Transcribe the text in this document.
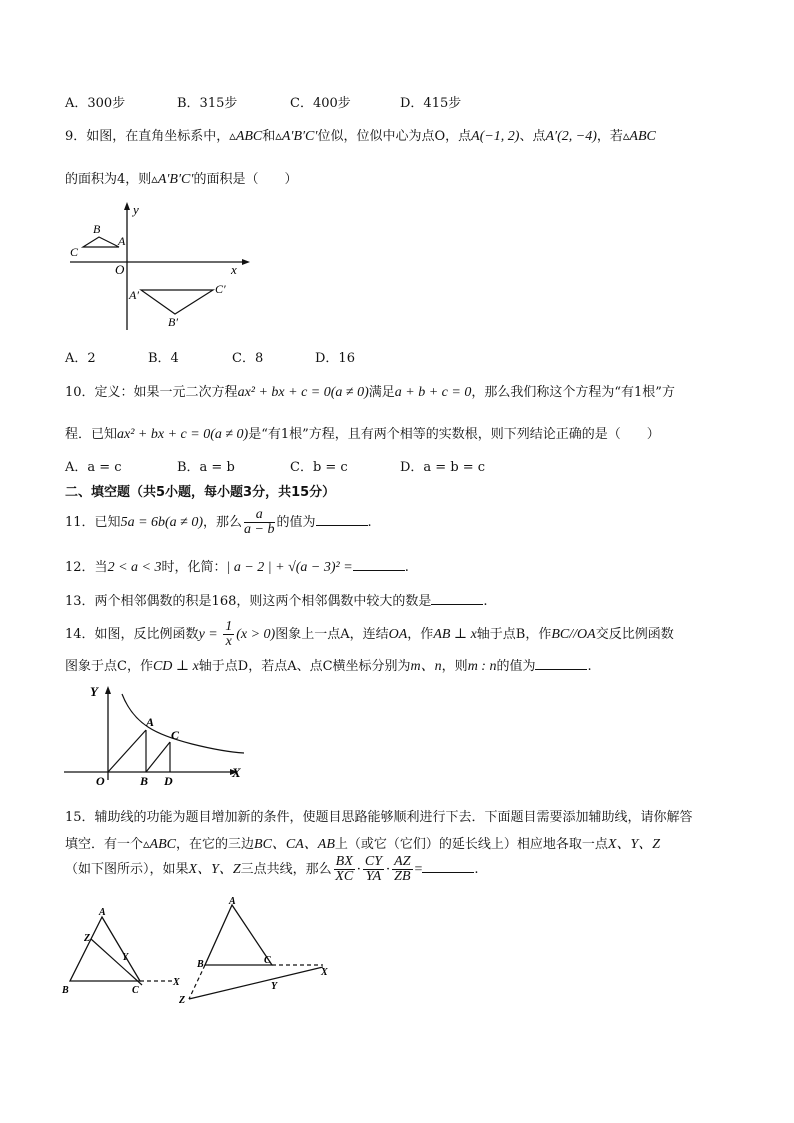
A．300步	B．315步	C．400步	D．415步
9．如图，在直角坐标系中，▵ABC和▵A′B′C′位似，位似中心为点O，点A(−1, 2)、点A′(2, −4)，若▵ABC
的面积为4，则▵A′B′C′的面积是（　　）
y
x
O
B
C
A
A′	C′
B′
A．2	B．4	C．8	D．16
10．定义：如果一元二次方程ax² + bx + c = 0(a ≠ 0)满足a + b + c = 0，那么我们称这个方程为“有1根”方
程．已知ax² + bx + c = 0(a ≠ 0)是“有1根”方程，且有两个相等的实数根，则下列结论正确的是（　　）
A．a = c	B．a = b	C．b = c	D．a = b = c
二、填空题（共5小题，每小题3分，共15分）
11．已知5a = 6b(a ≠ 0)，那么 $\frac{a}{a - b}$ 的值为	.
12．当2 < a < 3时，化简：| a − 2 | + √(a − 3)² =	.
13．两个相邻偶数的积是168，则这两个相邻偶数中较大的数是	.
14．如图，反比例函数$y = \frac{1}{x} (x > 0)$图象上一点A，连结OA，作AB ⊥ x轴于点B，作BC//OA交反比例函数
图象于点C，作CD ⊥ x轴于点D，若点A、点C横坐标分别为m、n，则m : n的值为	.
Y
X
A
C
O	B D
15．辅助线的功能为题目增加新的条件，使题目思路能够顺利进行下去．下面题目需要添加辅助线，请你解答
填空．有一个▵ABC，在它的三边BC、CA、AB上（或它（它们）的延长线上）相应地各取一点X、Y、Z
（如下图所示），如果X、Y、Z三点共线，那么 $\frac{BX}{XC} \cdot \frac{CY}{YA} \cdot \frac{AZ}{ZB}$ =	.
A
B	C
X
Y
Z
A
B	C
X
Y
Z
